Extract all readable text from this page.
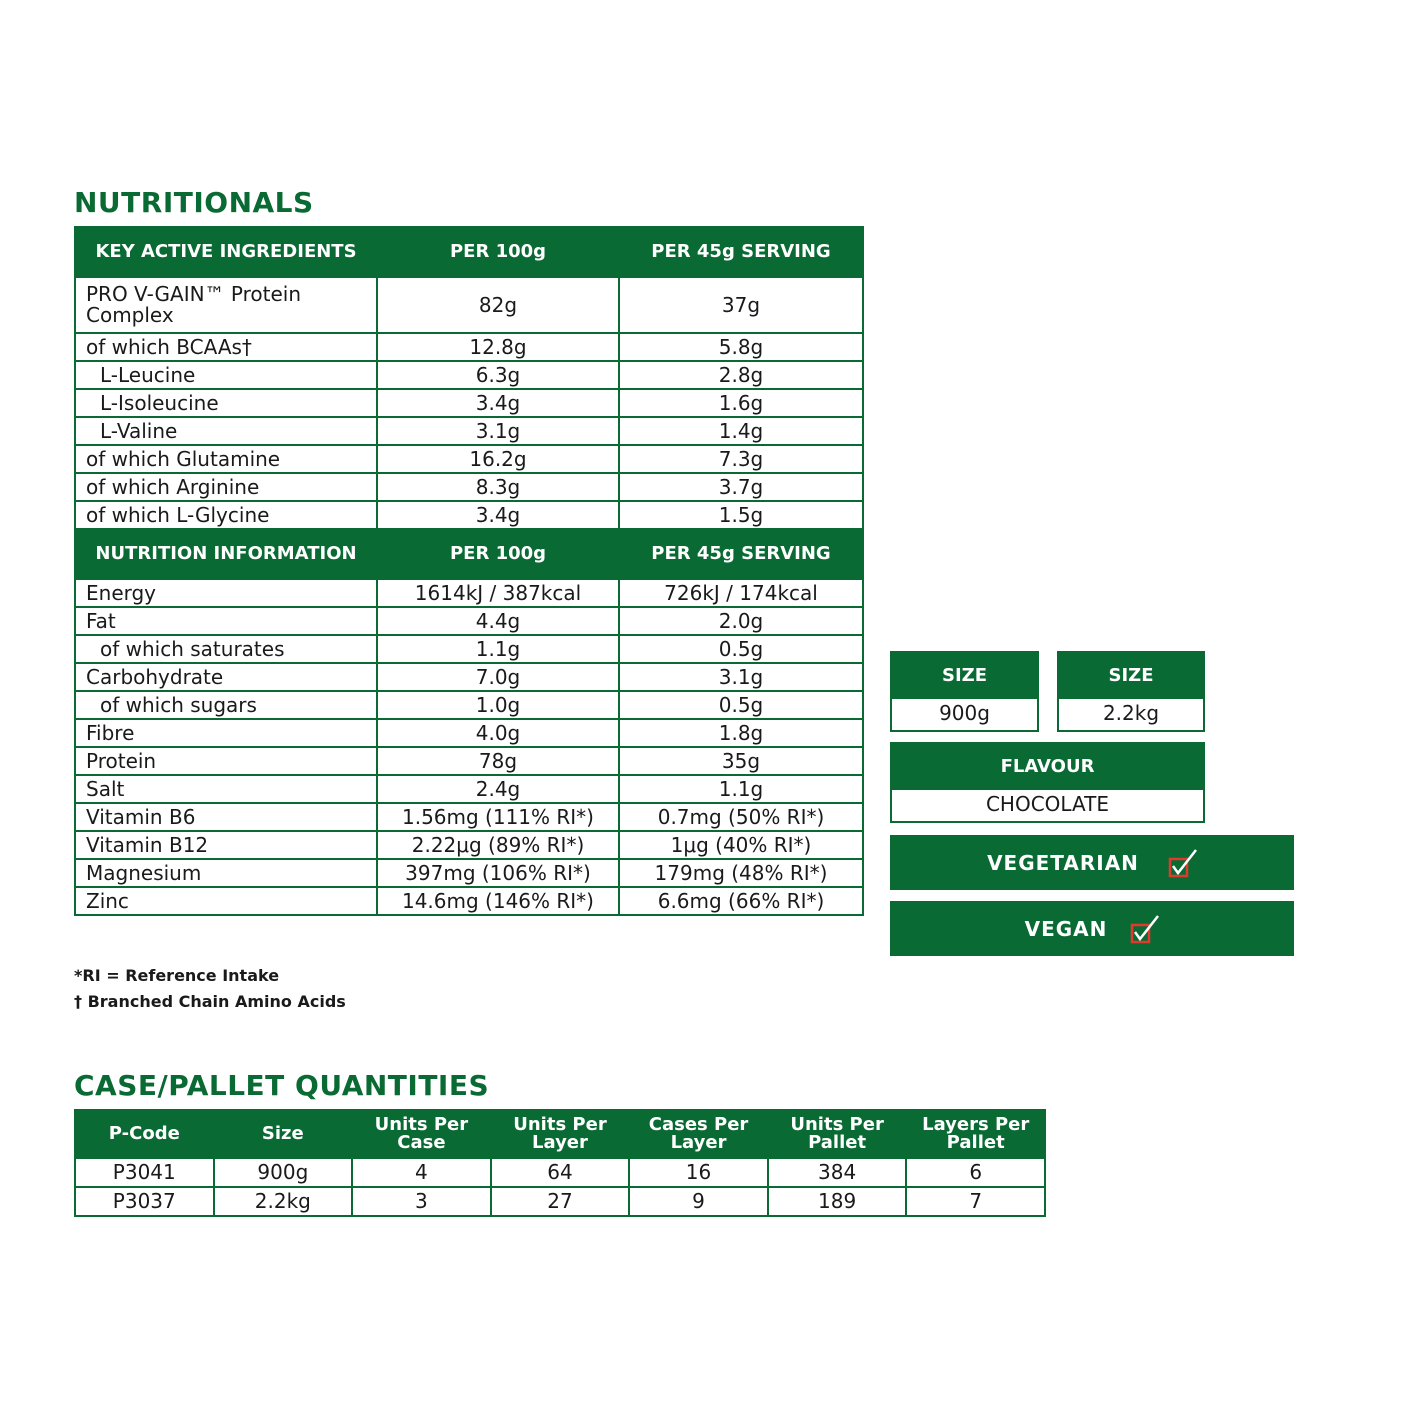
NUTRITIONALS
KEY ACTIVE INGREDIENTS	PER 100g	PER 45g SERVING
PRO V-GAIN™ Protein Complex	82g	37g
of which BCAAs†	12.8g	5.8g
L-Leucine	6.3g	2.8g
L-Isoleucine	3.4g	1.6g
L-Valine	3.1g	1.4g
of which Glutamine	16.2g	7.3g
of which Arginine	8.3g	3.7g
of which L-Glycine	3.4g	1.5g
NUTRITION INFORMATION	PER 100g	PER 45g SERVING
Energy	1614kJ / 387kcal	726kJ / 174kcal
Fat	4.4g	2.0g
of which saturates	1.1g	0.5g
Carbohydrate	7.0g	3.1g
of which sugars	1.0g	0.5g
Fibre	4.0g	1.8g
Protein	78g	35g
Salt	2.4g	1.1g
Vitamin B6	1.56mg (111% RI*)	0.7mg (50% RI*)
Vitamin B12	2.22μg (89% RI*)	1μg (40% RI*)
Magnesium	397mg (106% RI*)	179mg (48% RI*)
Zinc	14.6mg (146% RI*)	6.6mg (66% RI*)

*RI = Reference Intake

† Branched Chain Amino Acids

SIZE
900g
SIZE
2.2kg
FLAVOUR
CHOCOLATE
VEGETARIAN
VEGAN
CASE/PALLET QUANTITIES
P-Code	Size	Units Per Case	Units Per Layer	Cases Per Layer	Units Per Pallet	Layers Per Pallet
P3041	900g	4	64	16	384	6
P3037	2.2kg	3	27	9	189	7
